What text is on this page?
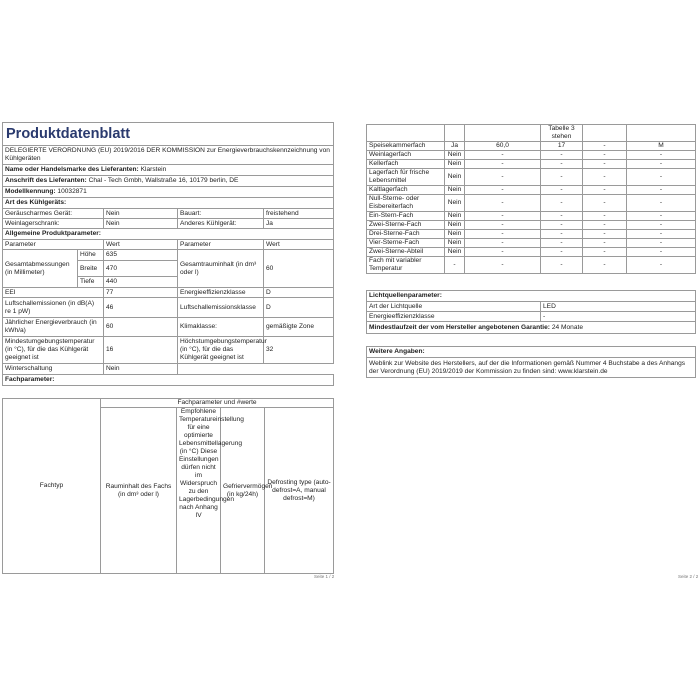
Produktdatenblatt				
DELEGIERTE VERORDNUNG (EU) 2019/2016 DER KOMMISSION zur Energieverbrauchskennzeichnung von Kühlgeräten				
Name oder Handelsmarke des Lieferanten: Klarstein				
Anschrift des Lieferanten: Chal - Tech Gmbh, Wallstraße 16, 10179 berlin, DE				
Modellkennung: 10032871				
Art des Kühlgeräts:				
Geräuscharmes Gerät:		Nein	Bauart:	freistehend
Weinlagerschrank:		Nein	Anderes Kühlgerät:	Ja
Allgemeine Produktparameter:				
Parameter		Wert	Parameter	Wert
Gesamtabmessungen (in Millimeter)	Höhe	635	Gesamtrauminhalt (in dm³ oder l)	60
	Breite	470		
	Tiefe	440		
EEI		77	Energieeffizienzklasse	D
Luftschallemissionen (in dB(A) re 1 pW)		46	Luftschallemissionsklasse	D
Jährlicher Energieverbrauch (in kWh/a)		60	Klimaklasse:	gemäßigte Zone
Mindestumgebungstemperatur (in °C), für die das Kühlgerät geeignet ist		16	Höchstumgebungstemperatur (in °C), für die das Kühlgerät geeignet ist	32
Winterschaltung		Nein		
Fachparameter:				
Fachtyp	Fachparameter und #werte			
	Rauminhalt des Fachs (in dm³ oder l)	Empfohlene Temperatureinstellung für eine optimierte Lebensmittellagerung (in °C) Diese Einstellungen dürfen nicht im Widerspruch zu den Lagerbedingungen nach Anhang IV	Gefriervermögen (in kg/24h)	Defrosting type (auto-defrost=A, manual defrost=M)
Seite 1 / 2
			Tabelle 3 stehen		
Speisekammerfach	Ja	60,0	17	-	M
Weinlagerfach	Nein	-	-	-	-
Kellerfach	Nein	-	-	-	-
Lagerfach für frische Lebensmittel	Nein	-	-	-	-
Kaltlagerfach	Nein	-	-	-	-
Null-Sterne- oder Eisbereiterfach	Nein	-	-	-	-
Ein-Stern-Fach	Nein	-	-	-	-
Zwei-Sterne-Fach	Nein	-	-	-	-
Drei-Sterne-Fach	Nein	-	-	-	-
Vier-Sterne-Fach	Nein	-	-	-	-
Zwei-Sterne-Abteil	Nein	-	-	-	-
Fach mit variabler Temperatur	-	-	-	-	-
Lichtquellenparameter:	
Art der Lichtquelle	LED
Energieeffizienzklasse	-
Mindestlaufzeit der vom Hersteller angebotenen Garantie: 24 Monate	

Weitere Angaben:	
Weblink zur Website des Herstellers, auf der die Informationen gemäß Nummer 4 Buchstabe a des Anhangs der Verordnung (EU) 2019/2019 der Kommission zu finden sind: www.klarstein.de	
Seite 2 / 2
